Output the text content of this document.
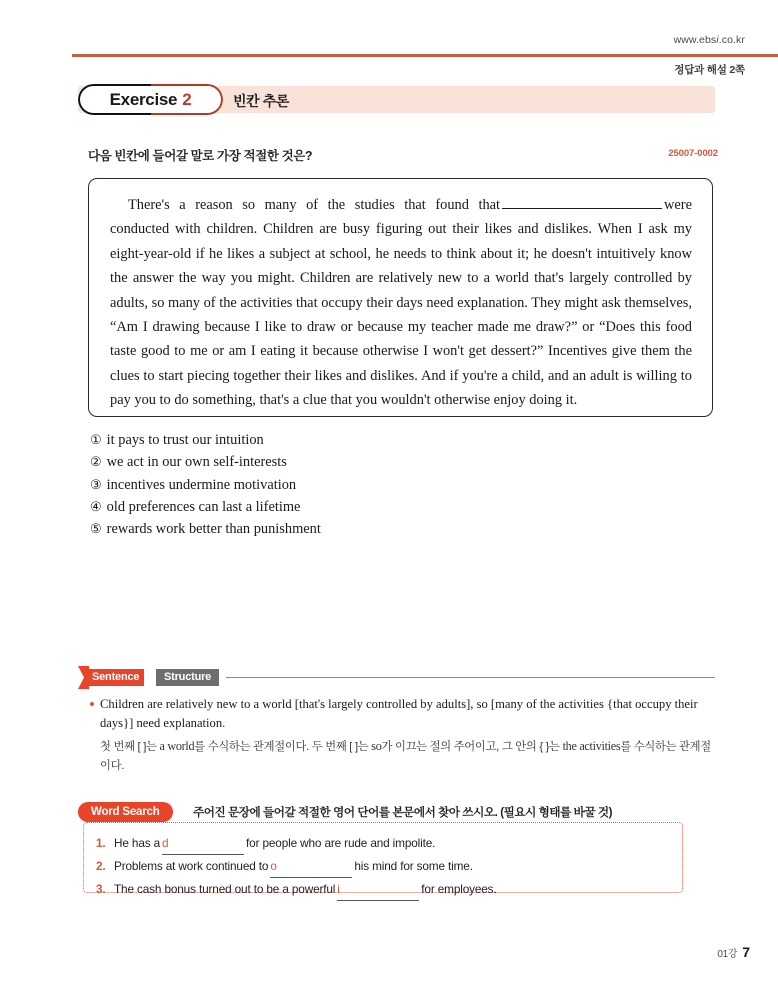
www.ebsi.co.kr
정답과 해설 2쪽
Exercise 2	빈칸 추론
다음 빈칸에 들어갈 말로 가장 적절한 것은?	25007-0002
There's a reason so many of the studies that found that	were conducted with children. Children are busy figuring out their likes and dislikes. When I ask my eight-year-old if he likes a subject at school, he needs to think about it; he doesn't intuitively know the answer the way you might. Children are relatively new to a world that's largely controlled by adults, so many of the activities that occupy their days need explanation. They might ask themselves, “Am I drawing because I like to draw or because my teacher made me draw?” or “Does this food taste good to me or am I eating it because otherwise I won't get dessert?” Incentives give them the clues to start piecing together their likes and dislikes. And if you're a child, and an adult is willing to pay you to do something, that's a clue that you wouldn't otherwise enjoy doing it.
① it pays to trust our intuition
② we act in our own self-interests
③ incentives undermine motivation
④ old preferences can last a lifetime
⑤ rewards work better than punishment
Sentence	Structure
Children are relatively new to a world [that's largely controlled by adults], so [many of the activities {that occupy their days}] need explanation.
첫 번째 [ ]는 a world를 수식하는 관계절이다. 두 번째 [ ]는 so가 이끄는 절의 주어이고, 그 안의 { }는 the activities를 수식하는 관계절이다.
Word Search	주어진 문장에 들어갈 적절한 영어 단어를 본문에서 찾아 쓰시오. (필요시 형태를 바꿀 것)
1. He has a d	for people who are rude and impolite.
2. Problems at work continued to o	his mind for some time.
3. The cash bonus turned out to be a powerful i	for employees.
01강 7
